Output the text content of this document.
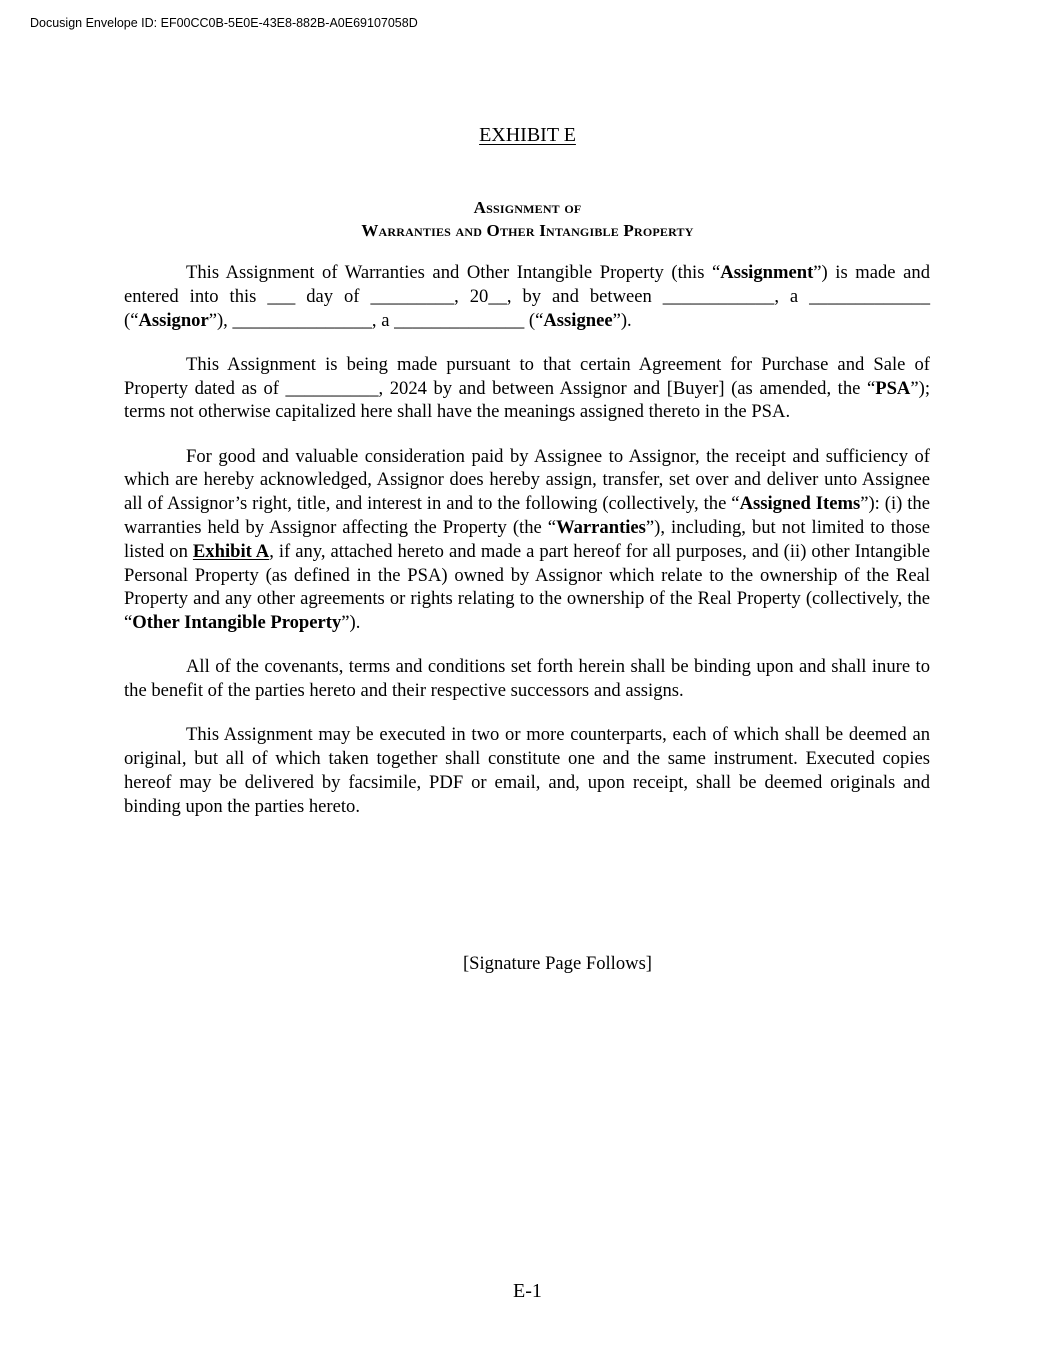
Docusign Envelope ID: EF00CC0B-5E0E-43E8-882B-A0E69107058D
EXHIBIT E
Assignment of
Warranties and Other Intangible Property

This Assignment of Warranties and Other Intangible Property (this “Assignment”) is made and entered into this ___ day of _________, 20__, by and between ____________, a _____________ (“Assignor”), _______________, a ______________ (“Assignee”).

This Assignment is being made pursuant to that certain Agreement for Purchase and Sale of Property dated as of __________, 2024 by and between Assignor and [Buyer] (as amended, the “PSA”); terms not otherwise capitalized here shall have the meanings assigned thereto in the PSA.

For good and valuable consideration paid by Assignee to Assignor, the receipt and sufficiency of which are hereby acknowledged, Assignor does hereby assign, transfer, set over and deliver unto Assignee all of Assignor’s right, title, and interest in and to the following (collectively, the “Assigned Items”): (i) the warranties held by Assignor affecting the Property (the “Warranties”), including, but not limited to those listed on Exhibit A, if any, attached hereto and made a part hereof for all purposes, and (ii) other Intangible Personal Property (as defined in the PSA) owned by Assignor which relate to the ownership of the Real Property and any other agreements or rights relating to the ownership of the Real Property (collectively, the “Other Intangible Property”).

All of the covenants, terms and conditions set forth herein shall be binding upon and shall inure to the benefit of the parties hereto and their respective successors and assigns.

This Assignment may be executed in two or more counterparts, each of which shall be deemed an original, but all of which taken together shall constitute one and the same instrument. Executed copies hereof may be delivered by facsimile, PDF or email, and, upon receipt, shall be deemed originals and binding upon the parties hereto.

[Signature Page Follows]
E-1
